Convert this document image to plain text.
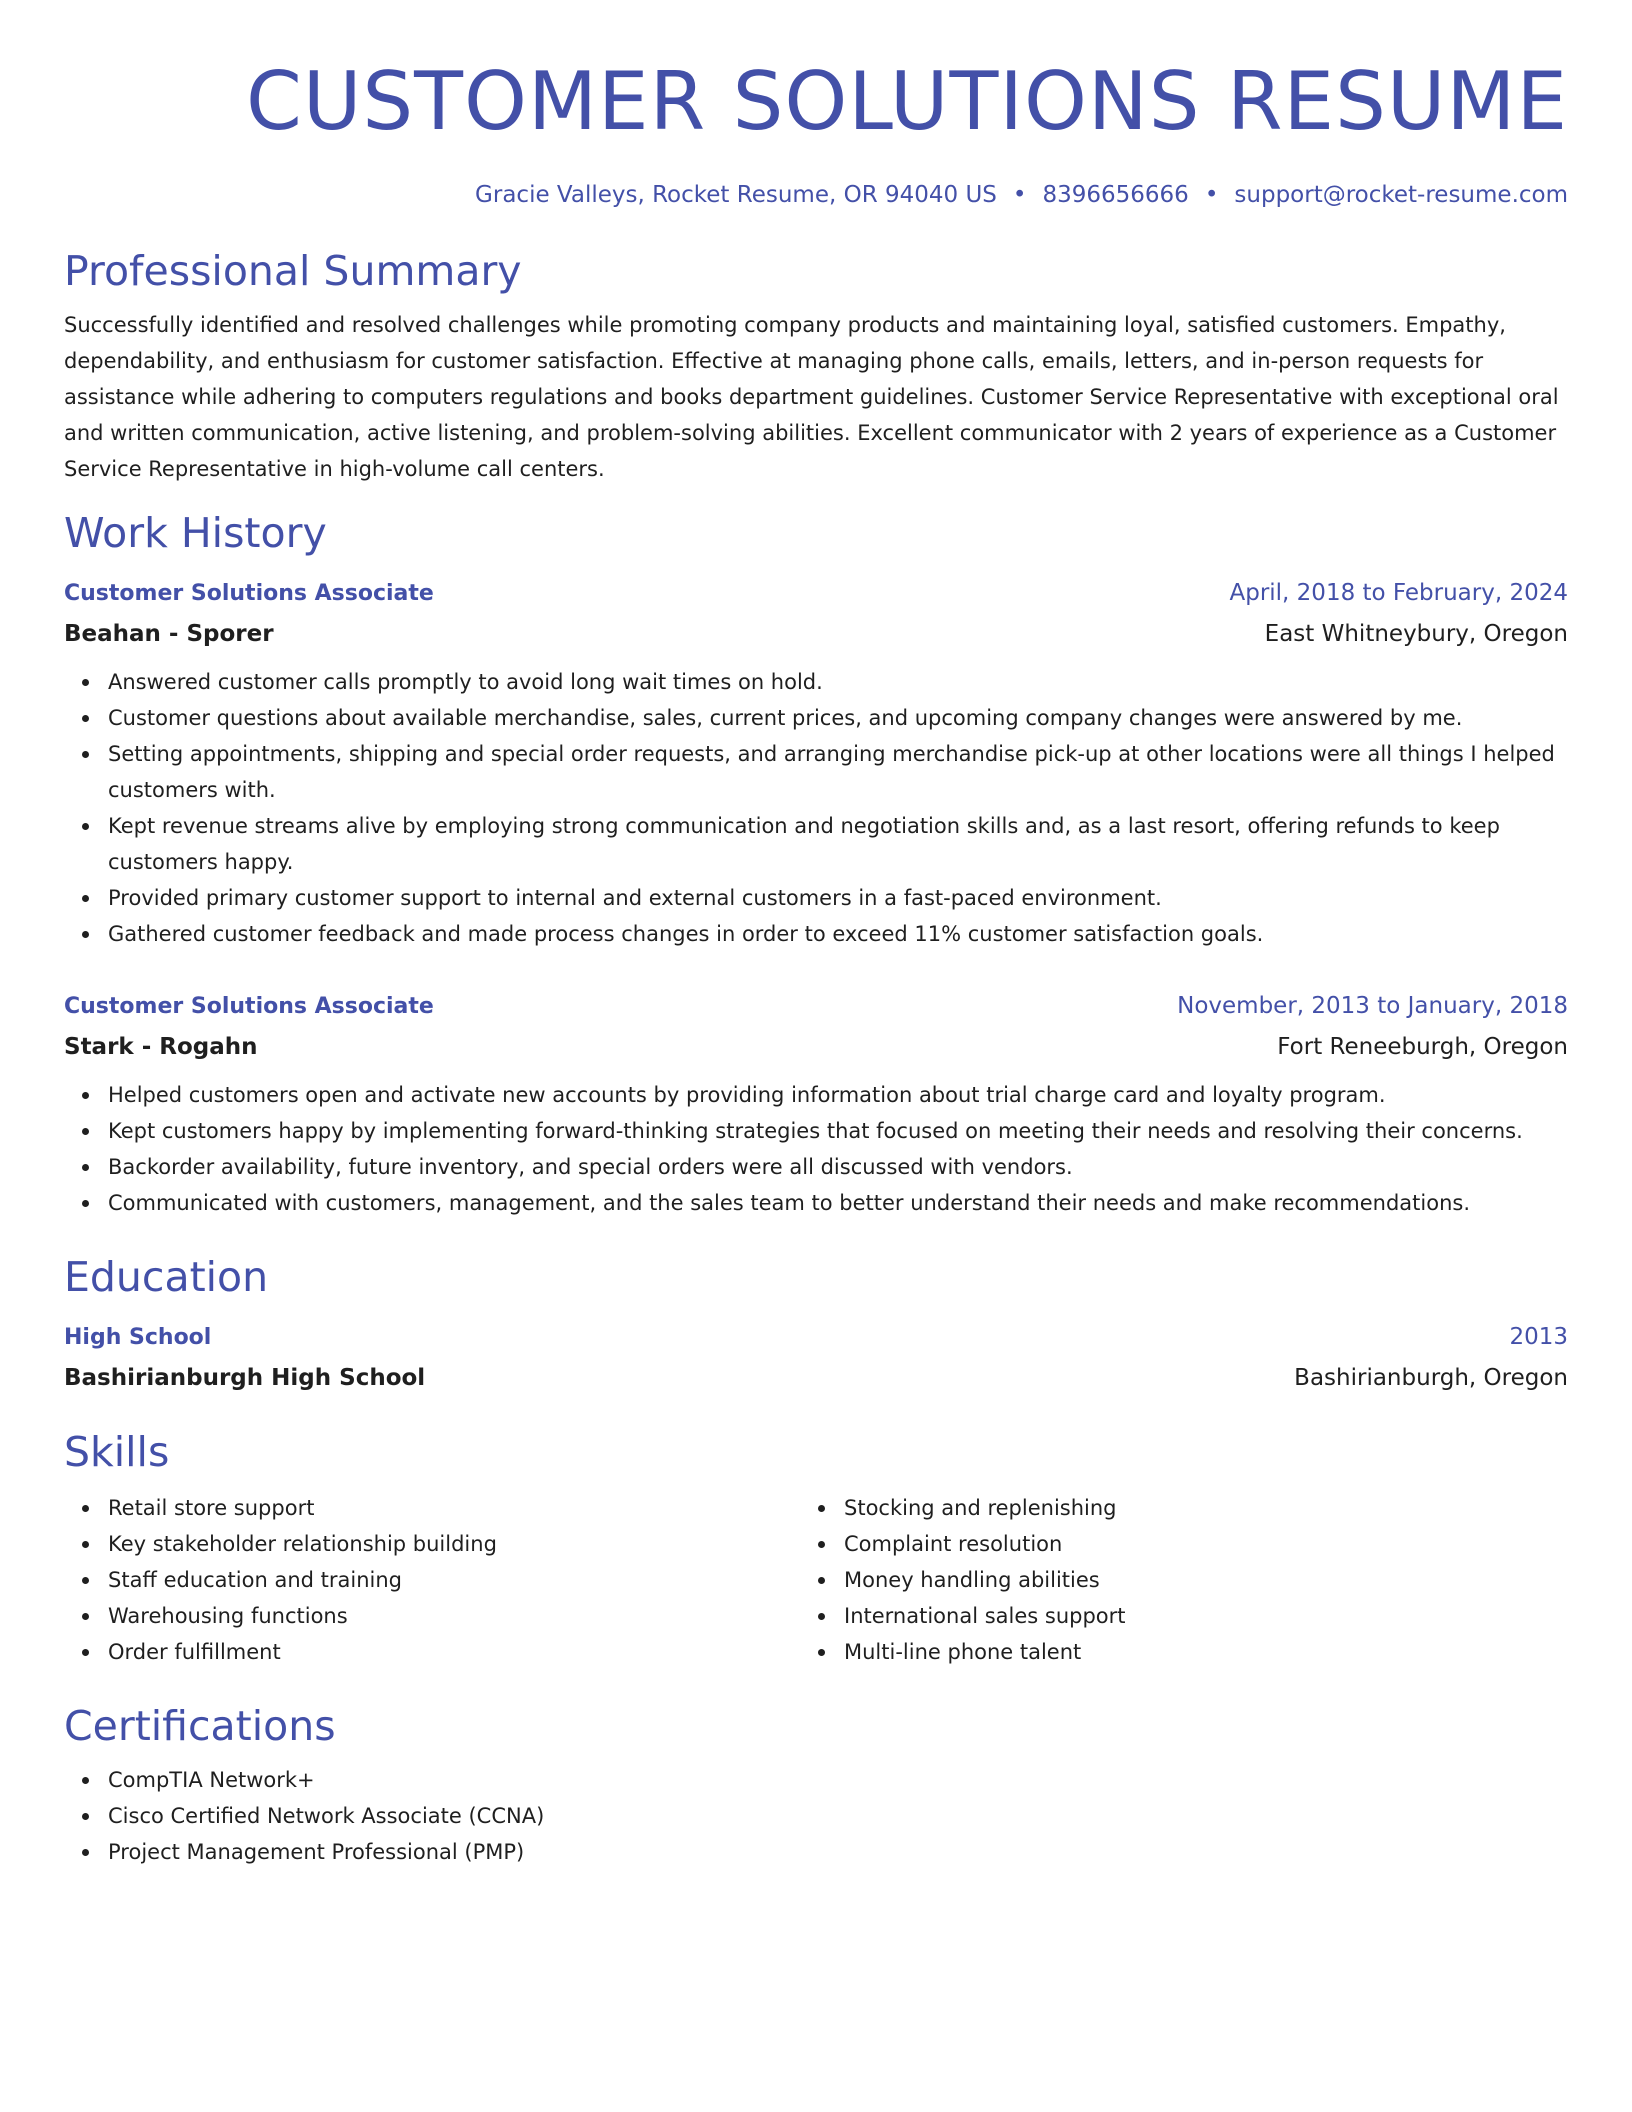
CUSTOMER SOLUTIONS RESUME
Gracie Valleys, Rocket Resume, OR 94040 US • 8396656666 • support@rocket-resume.com
Professional Summary
Successfully identified and resolved challenges while promoting company products and maintaining loyal, satisfied customers. Empathy, dependability, and enthusiasm for customer satisfaction. Effective at managing phone calls, emails, letters, and in-person requests for assistance while adhering to computers regulations and books department guidelines. Customer Service Representative with exceptional oral and written communication, active listening, and problem-solving abilities. Excellent communicator with 2 years of experience as a Customer Service Representative in high-volume call centers.
Work History
Customer Solutions Associate	April, 2018 to February, 2024
Beahan - Sporer	East Whitneybury, Oregon
Answered customer calls promptly to avoid long wait times on hold.
Customer questions about available merchandise, sales, current prices, and upcoming company changes were answered by me.
Setting appointments, shipping and special order requests, and arranging merchandise pick-up at other locations were all things I helped customers with.
Kept revenue streams alive by employing strong communication and negotiation skills and, as a last resort, offering refunds to keep customers happy.
Provided primary customer support to internal and external customers in a fast-paced environment.
Gathered customer feedback and made process changes in order to exceed 11% customer satisfaction goals.
Customer Solutions Associate	November, 2013 to January, 2018
Stark - Rogahn	Fort Reneeburgh, Oregon
Helped customers open and activate new accounts by providing information about trial charge card and loyalty program.
Kept customers happy by implementing forward-thinking strategies that focused on meeting their needs and resolving their concerns.
Backorder availability, future inventory, and special orders were all discussed with vendors.
Communicated with customers, management, and the sales team to better understand their needs and make recommendations.
Education
High School	2013
Bashirianburgh High School	Bashirianburgh, Oregon
Skills
Retail store support
Key stakeholder relationship building
Staff education and training
Warehousing functions
Order fulfillment
Stocking and replenishing
Complaint resolution
Money handling abilities
International sales support
Multi-line phone talent
Certifications
CompTIA Network+
Cisco Certified Network Associate (CCNA)
Project Management Professional (PMP)
